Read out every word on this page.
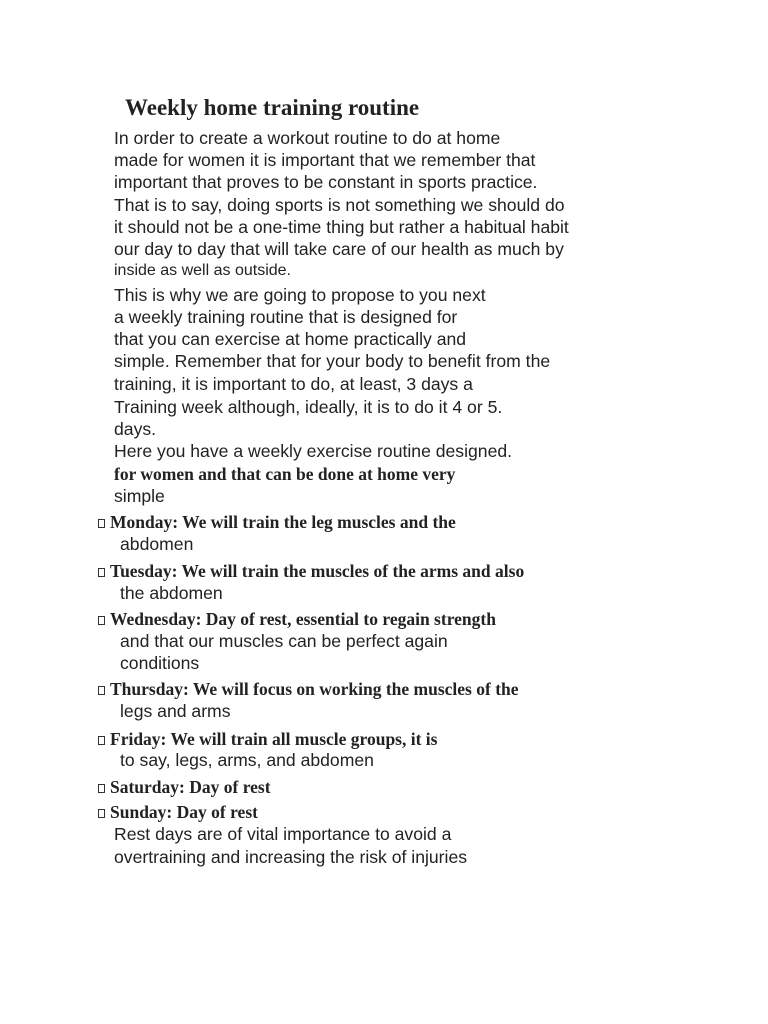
Weekly home training routine

In order to create a workout routine to do at home

made for women it is important that we remember that

important that proves to be constant in sports practice.

That is to say, doing sports is not something we should do

it should not be a one-time thing but rather a habitual habit

our day to day that will take care of our health as much by

inside as well as outside.

This is why we are going to propose to you next

a weekly training routine that is designed for

that you can exercise at home practically and

simple. Remember that for your body to benefit from the

training, it is important to do, at least, 3 days a

Training week although, ideally, it is to do it 4 or 5.

days.

Here you have a weekly exercise routine designed.

for women and that can be done at home very

simple

Monday: We will train the leg muscles and the

abdomen

Tuesday: We will train the muscles of the arms and also

the abdomen

Wednesday: Day of rest, essential to regain strength

and that our muscles can be perfect again

conditions

Thursday: We will focus on working the muscles of the

legs and arms

Friday: We will train all muscle groups, it is

to say, legs, arms, and abdomen

Saturday: Day of rest
Sunday: Day of rest

Rest days are of vital importance to avoid a

overtraining and increasing the risk of injuries
